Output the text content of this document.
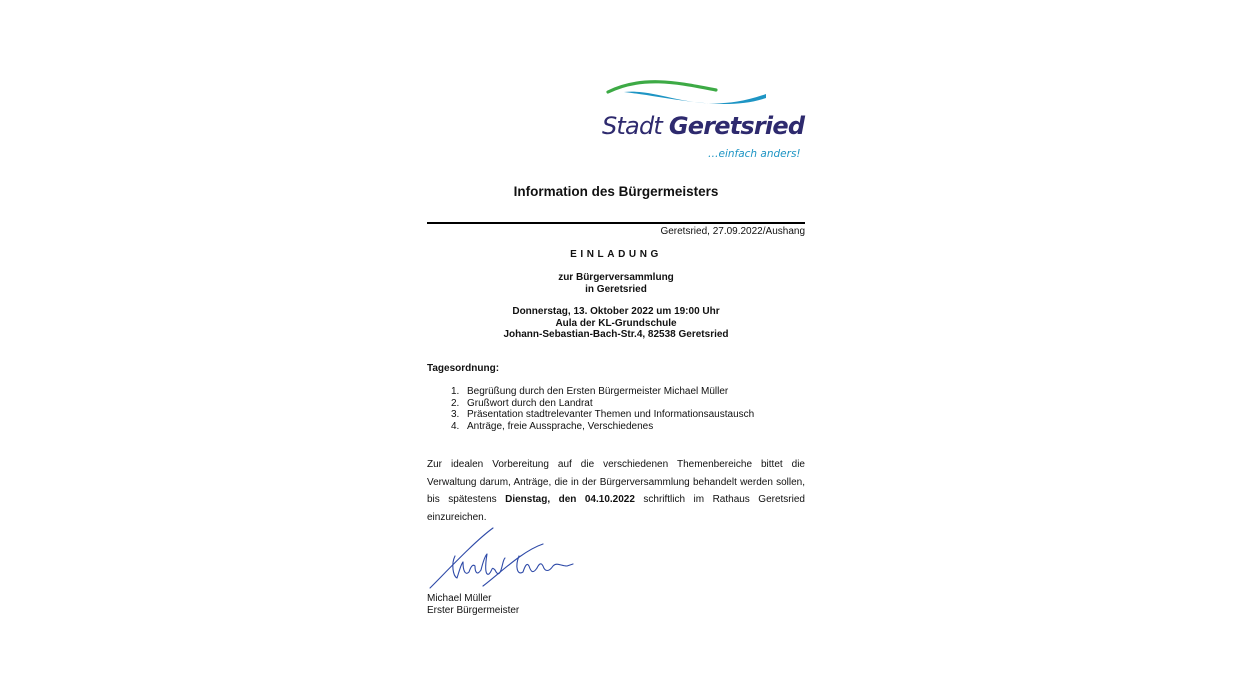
Stadt Geretsried
…einfach anders!
Information des Bürgermeisters
Geretsried, 27.09.2022/Aushang
EINLADUNG
zur Bürgerversammlung
in Geretsried
Donnerstag, 13. Oktober 2022 um 19:00 Uhr
Aula der KL-Grundschule
Johann-Sebastian-Bach-Str.4, 82538 Geretsried
Tagesordnung:
1. Begrüßung durch den Ersten Bürgermeister Michael Müller
2. Grußwort durch den Landrat
3. Präsentation stadtrelevanter Themen und Informationsaustausch
4. Anträge, freie Aussprache, Verschiedenes

Zur idealen Vorbereitung auf die verschiedenen Themenbereiche bittet die Verwaltung darum, Anträge, die in der Bürgerversammlung behandelt werden sollen, bis spätestens Dienstag, den 04.10.2022 schriftlich im Rathaus Geretsried einzureichen.

Michael Müller
Erster Bürgermeister
